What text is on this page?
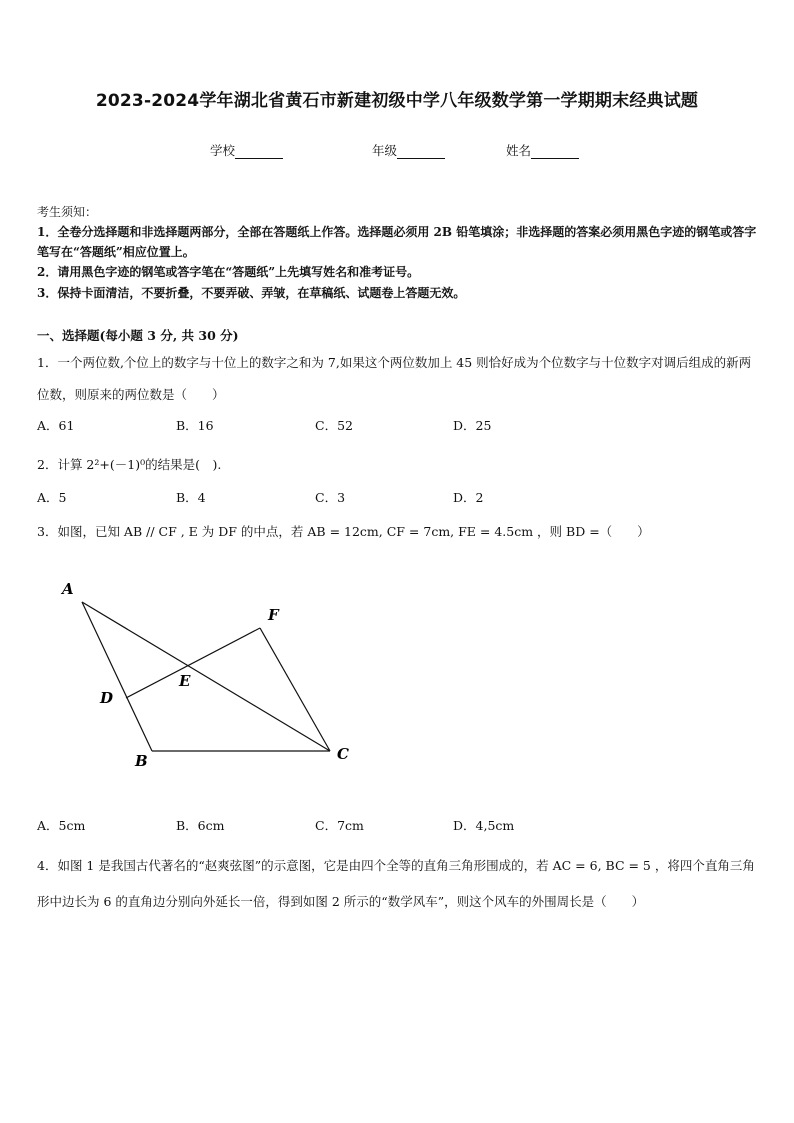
2023-2024学年湖北省黄石市新建初级中学八年级数学第一学期期末经典试题
学校	年级	姓名
考生须知：
1．全卷分选择题和非选择题两部分，全部在答题纸上作答。选择题必须用 2B 铅笔填涂；非选择题的答案必须用黑色字迹的钢笔或答字笔写在“答题纸”相应位置上。
2．请用黑色字迹的钢笔或答字笔在“答题纸”上先填写姓名和准考证号。
3．保持卡面清洁，不要折叠，不要弄破、弄皱，在草稿纸、试题卷上答题无效。
一、选择题(每小题 3 分, 共 30 分)
1．一个两位数,个位上的数字与十位上的数字之和为 7,如果这个两位数加上 45 则恰好成为个位数字与十位数字对调后组成的新两位数，则原来的两位数是（　　）
A．61	B．16	C．52	D．25
2．计算 2²+(－1)⁰的结果是(　).
A．5	B．4	C．3	D．2
3．如图，已知 AB // CF , E 为 DF 的中点，若 AB = 12cm, CF = 7cm, FE = 4.5cm ，则 BD =（　　）
A
F
D
E
B	C
A．5cm	B．6cm	C．7cm	D．4,5cm
4．如图 1 是我国古代著名的“赵爽弦图”的示意图，它是由四个全等的直角三角形围成的，若 AC = 6, BC = 5 ，将四个直角三角形中边长为 6 的直角边分别向外延长一倍，得到如图 2 所示的“数学风车”，则这个风车的外围周长是（　　）
